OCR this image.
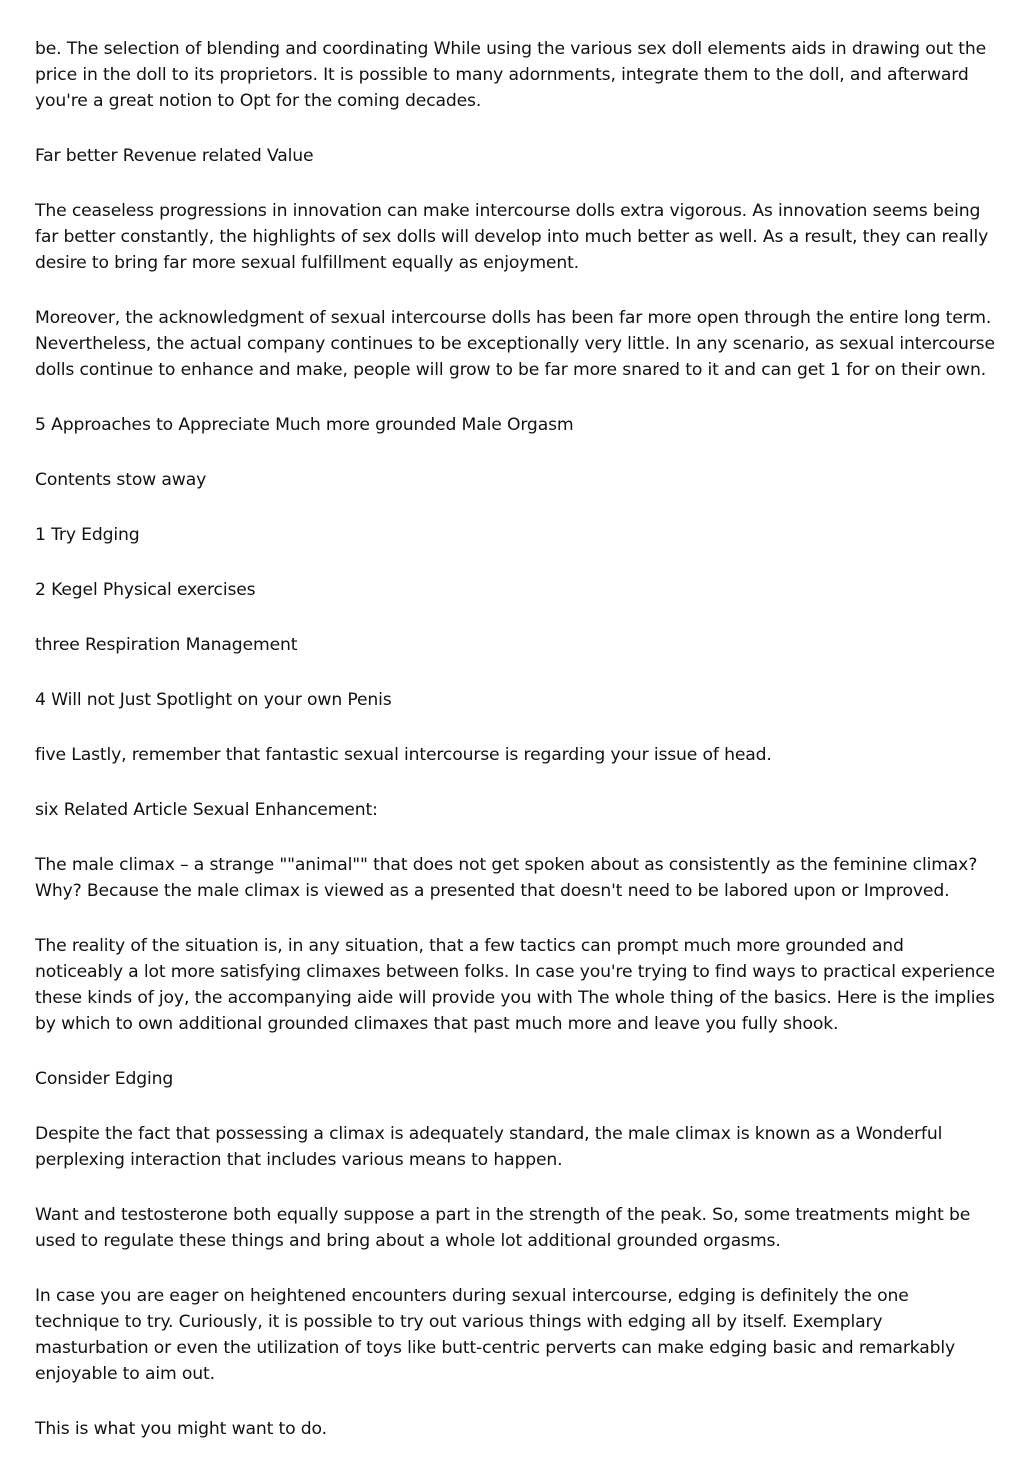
be. The selection of blending and coordinating While using the various sex doll elements aids in drawing out the price in the doll to its proprietors. It is possible to many adornments, integrate them to the doll, and afterward you're a great notion to Opt for the coming decades.

Far better Revenue related Value

The ceaseless progressions in innovation can make intercourse dolls extra vigorous. As innovation seems being far better constantly, the highlights of sex dolls will develop into much better as well. As a result, they can really desire to bring far more sexual fulfillment equally as enjoyment.

Moreover, the acknowledgment of sexual intercourse dolls has been far more open through the entire long term. Nevertheless, the actual company continues to be exceptionally very little. In any scenario, as sexual intercourse dolls continue to enhance and make, people will grow to be far more snared to it and can get 1 for on their own.

5 Approaches to Appreciate Much more grounded Male Orgasm

Contents stow away

1 Try Edging

2 Kegel Physical exercises

three Respiration Management

4 Will not Just Spotlight on your own Penis

five Lastly, remember that fantastic sexual intercourse is regarding your issue of head.

six Related Article Sexual Enhancement:

The male climax – a strange ""animal"" that does not get spoken about as consistently as the feminine climax? Why? Because the male climax is viewed as a presented that doesn't need to be labored upon or Improved.

The reality of the situation is, in any situation, that a few tactics can prompt much more grounded and noticeably a lot more satisfying climaxes between folks. In case you're trying to find ways to practical experience these kinds of joy, the accompanying aide will provide you with The whole thing of the basics. Here is the implies by which to own additional grounded climaxes that past much more and leave you fully shook.

Consider Edging

Despite the fact that possessing a climax is adequately standard, the male climax is known as a Wonderful perplexing interaction that includes various means to happen.

Want and testosterone both equally suppose a part in the strength of the peak. So, some treatments might be used to regulate these things and bring about a whole lot additional grounded orgasms.

In case you are eager on heightened encounters during sexual intercourse, edging is definitely the one technique to try. Curiously, it is possible to try out various things with edging all by itself. Exemplary masturbation or even the utilization of toys like butt-centric perverts can make edging basic and remarkably enjoyable to aim out.

This is what you might want to do.
